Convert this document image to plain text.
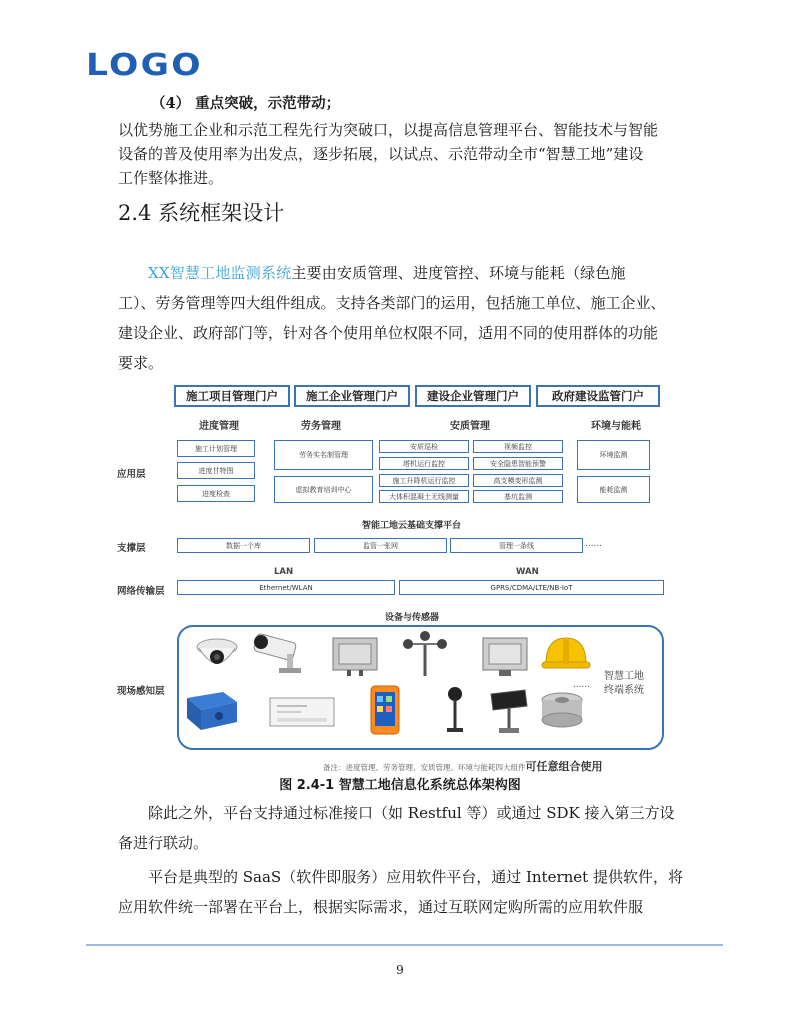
LOGO
（4） 重点突破，示范带动；
以优势施工企业和示范工程先行为突破口，以提高信息管理平台、智能技术与智能
设备的普及使用率为出发点，逐步拓展，以试点、示范带动全市“智慧工地”建设
工作整体推进。
2.4 系统框架设计
XX智慧工地监测系统主要由安质管理、进度管控、环境与能耗（绿色施
工）、劳务管理等四大组件组成。支持各类部门的运用，包括施工单位、施工企业、
建设企业、政府部门等，针对各个使用单位权限不同，适用不同的使用群体的功能
要求。
施工项目管理门户	施工企业管理门户	建设企业管理门户	政府建设监管门户
进度管理	劳务管理	安质管理	环境与能耗
应用层
施工计划管理
进度甘特图
进度检查
劳务实名制管理
虚拟教育培训中心
安质巡检
塔机运行监控
施工升降机运行监控
大体积混凝土无线测量
视频监控
安全隐患智能预警
高支模变形监测
基坑监测
环境监测
能耗监测
智能工地云基础支撑平台
支撑层	数据一个库	监管一张网	管理一条线	……
LAN	WAN
网络传输层	Ethernet/WLAN	GPRS/CDMA/LTE/NB-IoT
设备与传感器
现场感知层
……
智慧工地
终端系统
备注：进度管理、劳务管理、安质管理、环境与能耗四大组件可任意组合使用
图 2.4-1 智慧工地信息化系统总体架构图
除此之外，平台支持通过标准接口（如 Restful 等）或通过 SDK 接入第三方设
备进行联动。
平台是典型的 SaaS（软件即服务）应用软件平台，通过 Internet 提供软件，将
应用软件统一部署在平台上，根据实际需求，通过互联网定购所需的应用软件服
9
